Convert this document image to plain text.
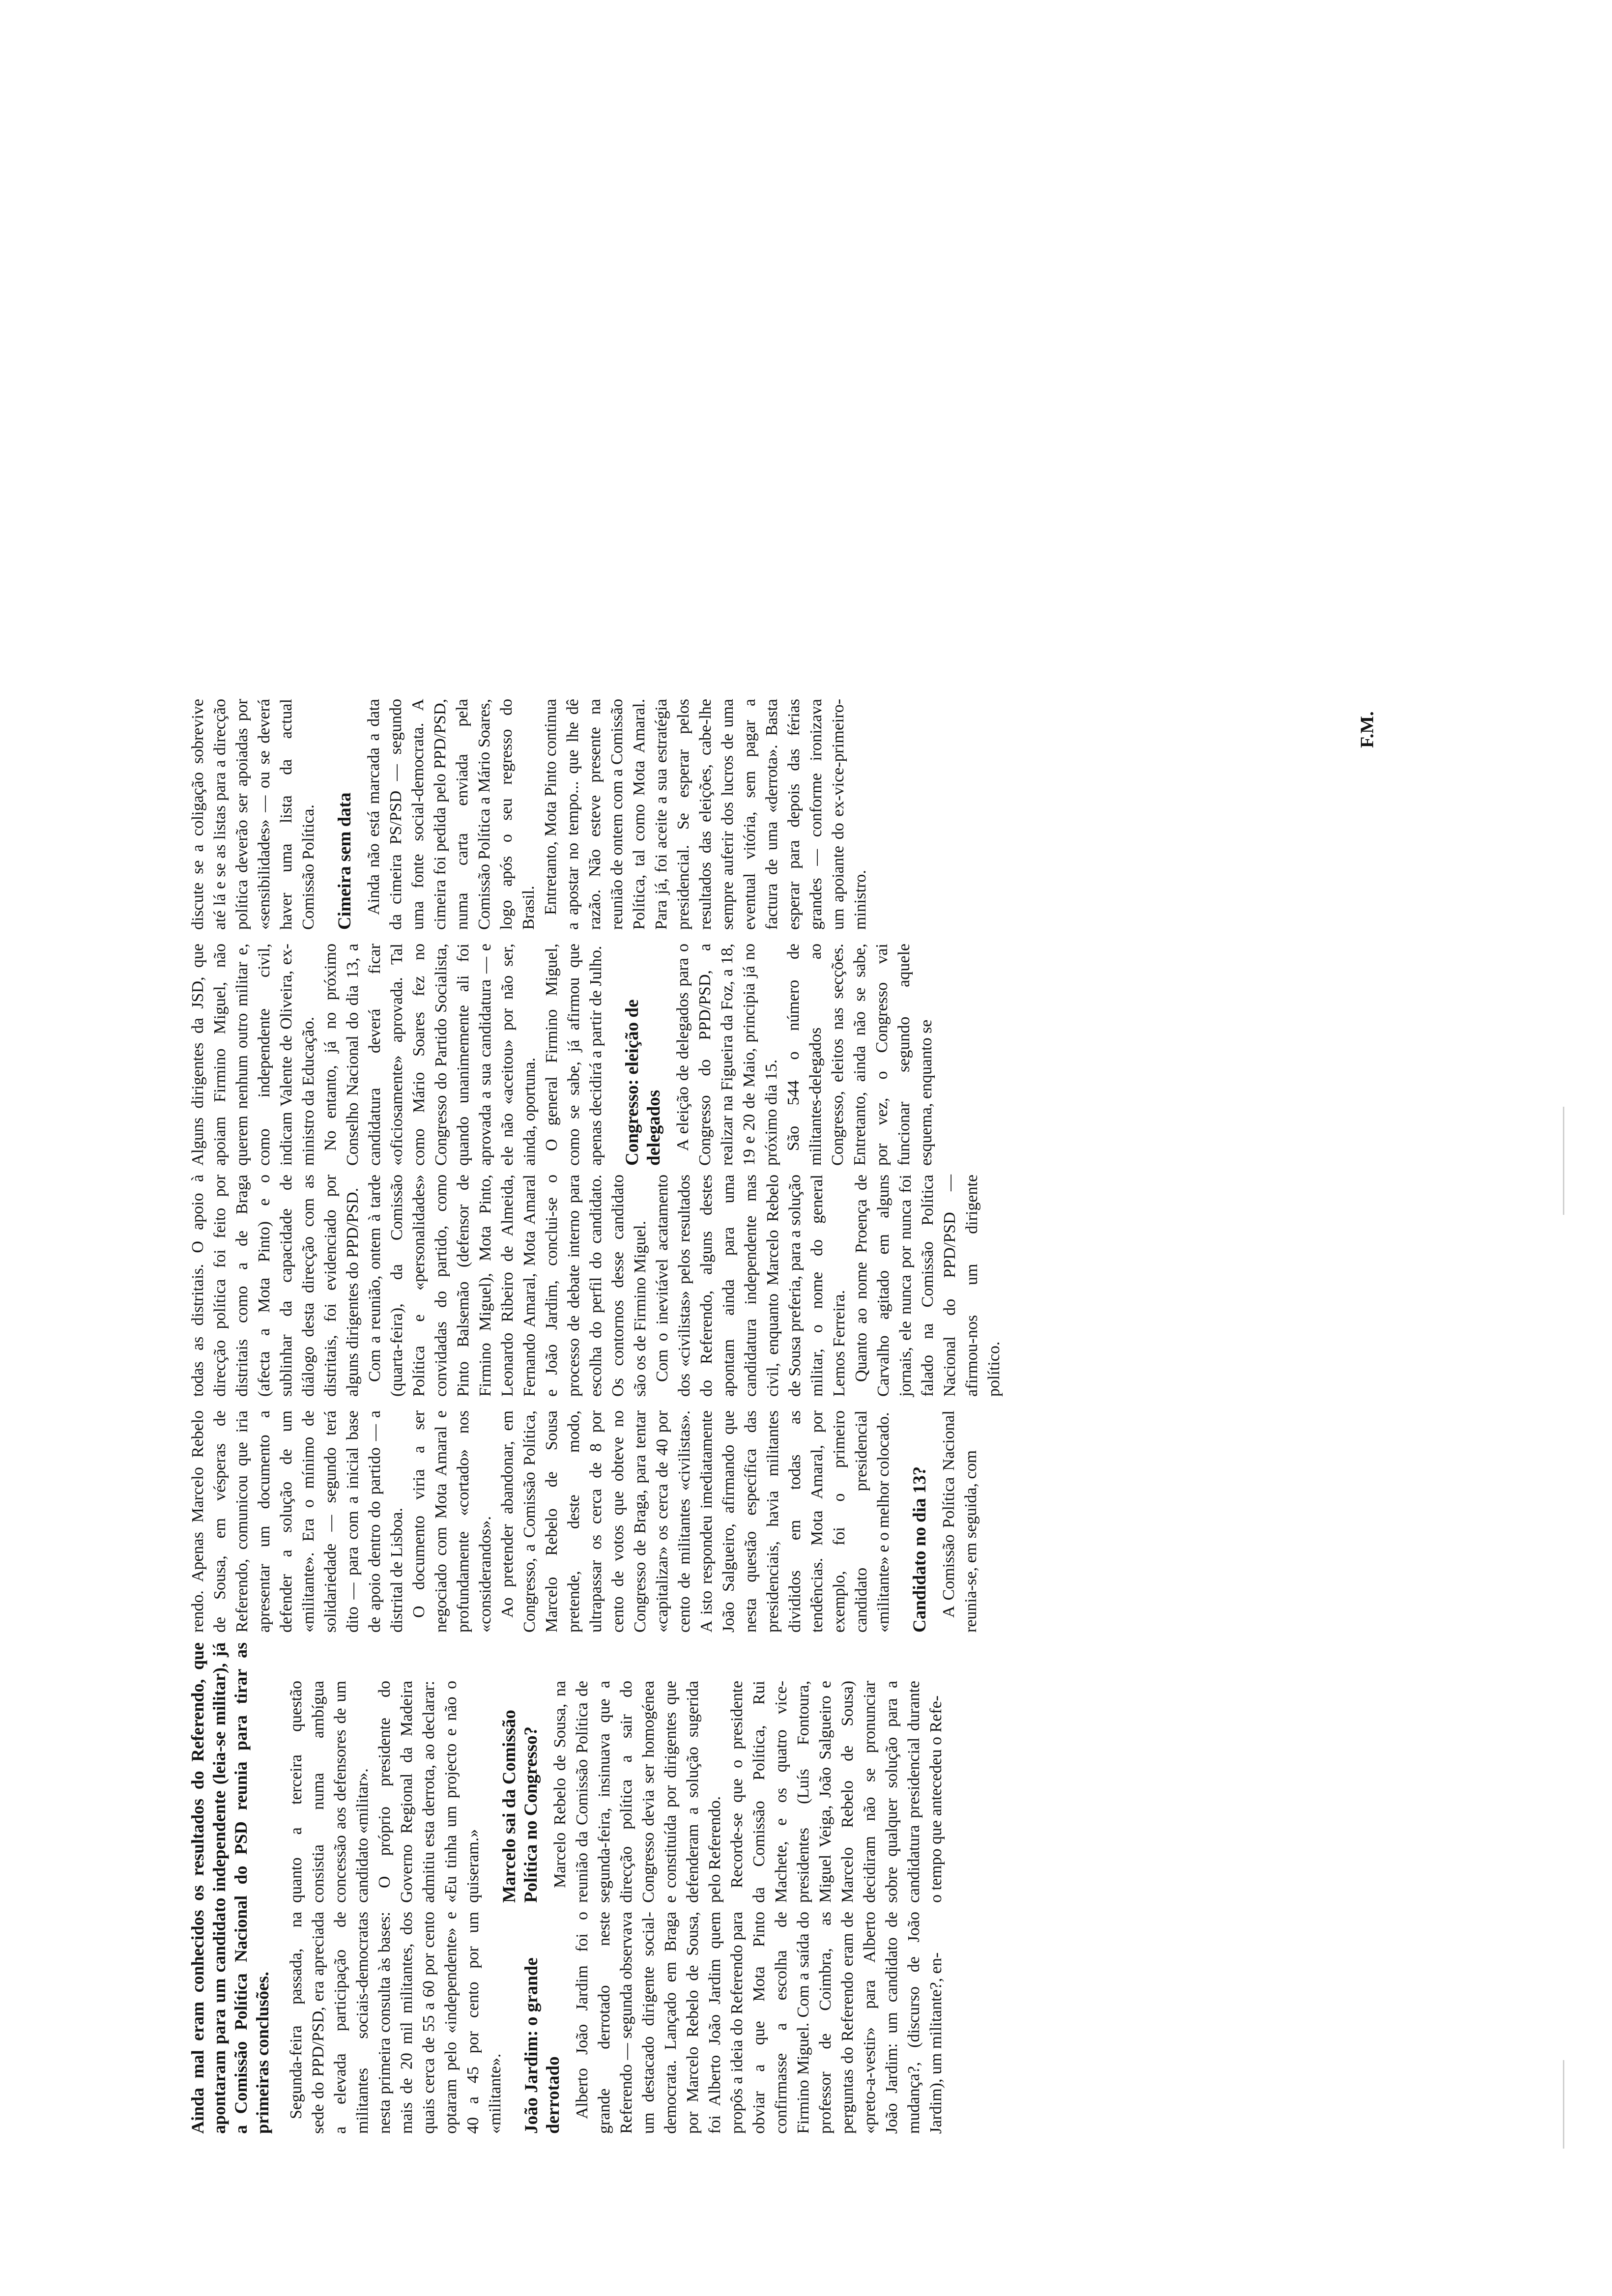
Ainda mal eram conhecidos os resultados do Referendo, que apontaram para um candidato independente (leia-se militar), já a Comissão Política Nacional do PSD reunia para tirar as primeiras conclusões. Segunda-feira passada, na sede do PPD/PSD, era apreciada a elevada participação de militantes sociais-democratas nesta primeira consulta às bases: mais de 20 mil militantes, dos quais cerca de 55 a 60 por cento optaram pelo «independente» e 40 a 45 por cento por um «militante». João Jardim: o grande derrotado Alberto João Jardim foi o grande derrotado neste Referendo — segunda observava um destacado dirigente social-democrata. Lançado em Braga por Marcelo Rebelo de Sousa, foi Alberto João Jardim quem propôs a ideia do Referendo para obviar a que Mota Pinto confirmasse a escolha de Firmino Miguel. Com a saída do professor de Coimbra, as perguntas do Referendo eram de «preto-a-vestir» para Alberto João Jardim: um candidato de mudança?, (discurso de João Jardim), um militante?, en-

quanto a terceira questão consistia numa ambígua concessão aos defensores de um candidato «militar». O próprio presidente do Governo Regional da Madeira admitiu esta derrota, ao declarar: «Eu tinha um projecto e não o quiseram.» Marcelo sai da Comissão Política no Congresso? Marcelo Rebelo de Sousa, na reunião da Comissão Política de segunda-feira, insinuava que a direcção política a sair do Congresso devia ser homogénea e constituída por dirigentes que defenderam a solução sugerida pelo Referendo. Recorde-se que o presidente da Comissão Política, Rui Machete, e os quatro vice-presidentes (Luís Fontoura, Miguel Veiga, João Salgueiro e Marcelo Rebelo de Sousa) decidiram não se pronunciar sobre qualquer solução para a candidatura presidencial durante o tempo que antecedeu o Refe-

rendo. Apenas Marcelo Rebelo de Sousa, em vésperas de Referendo, comunicou que iria apresentar um documento a defender a solução de um «militante». Era o mínimo de solidariedade — segundo terá dito — para com a inicial base de apoio dentro do partido — a distrital de Lisboa. O documento viria a ser negociado com Mota Amaral e profundamente «cortado» nos «considerandos». Ao pretender abandonar, em Congresso, a Comissão Política, Marcelo Rebelo de Sousa pretende, deste modo, ultrapassar os cerca de 8 por cento de votos que obteve no Congresso de Braga, para tentar «capitalizar» os cerca de 40 por cento de militantes «civilistas». A isto respondeu imediatamente João Salgueiro, afirmando que nesta questão específica das presidenciais, havia militantes divididos em todas as tendências. Mota Amaral, por exemplo, foi o primeiro candidato presidencial «militante» e o melhor colocado. Candidato no dia 13? A Comissão Política Nacional reunia-se, em seguida, com

todas as distritais. O apoio à direcção política foi feito por distritais como a de Braga (afecta a Mota Pinto) e o sublinhar da capacidade de diálogo desta direcção com as distritais, foi evidenciado por alguns dirigentes do PPD/PSD. Com a reunião, ontem à tarde (quarta-feira), da Comissão Política e «personalidades» convidadas do partido, como Pinto Balsemão (defensor de Firmino Miguel), Mota Pinto, Leonardo Ribeiro de Almeida, Fernando Amaral, Mota Amaral e João Jardim, conclui-se o processo de debate interno para escolha do perfil do candidato. Os contornos desse candidato são os de Firmino Miguel. Com o inevitável acatamento dos «civilistas» pelos resultados do Referendo, alguns destes apontam ainda para uma candidatura independente mas civil, enquanto Marcelo Rebelo de Sousa preferia, para a solução militar, o nome do general Lemos Ferreira. Quanto ao nome Proença de Carvalho agitado em alguns jornais, ele nunca por nunca foi falado na Comissão Política Nacional do PPD/PSD — afirmou-nos um dirigente político.

Alguns dirigentes da JSD, que apoiam Firmino Miguel, não querem nenhum outro militar e, como independente civil, indicam Valente de Oliveira, ex-ministro da Educação. No entanto, já no próximo Conselho Nacional do dia 13, a candidatura deverá ficar «oficiosamente» aprovada. Tal como Mário Soares fez no Congresso do Partido Socialista, quando unanimemente ali foi aprovada a sua candidatura — e ele não «aceitou» por não ser, ainda, oportuna. O general Firmino Miguel, como se sabe, já afirmou que apenas decidirá a partir de Julho. Congresso: eleição de delegados A eleição de delegados para o Congresso do PPD/PSD, a realizar na Figueira da Foz, a 18, 19 e 20 de Maio, principia já no próximo dia 15. São 544 o número de militantes-delegados ao Congresso, eleitos nas secções. Entretanto, ainda não se sabe, por vez, o Congresso vai funcionar segundo aquele esquema, enquanto se

discute se a coligação sobrevive até lá e se as listas para a direcção política deverão ser apoiadas por «sensibilidades» — ou se deverá haver uma lista da actual Comissão Política. Cimeira sem data Ainda não está marcada a data da cimeira PS/PSD — segundo uma fonte social-democrata. A cimeira foi pedida pelo PPD/PSD, numa carta enviada pela Comissão Política a Mário Soares, logo após o seu regresso do Brasil. Entretanto, Mota Pinto continua a apostar no tempo... que lhe dê razão. Não esteve presente na reunião de ontem com a Comissão Política, tal como Mota Amaral. Para já, foi aceite a sua estratégia presidencial. Se esperar pelos resultados das eleições, cabe-lhe sempre auferir dos lucros de uma eventual vitória, sem pagar a factura de uma «derrota». Basta esperar para depois das férias grandes — conforme ironizava um apoiante do ex-vice-primeiro-ministro.

F.M.
